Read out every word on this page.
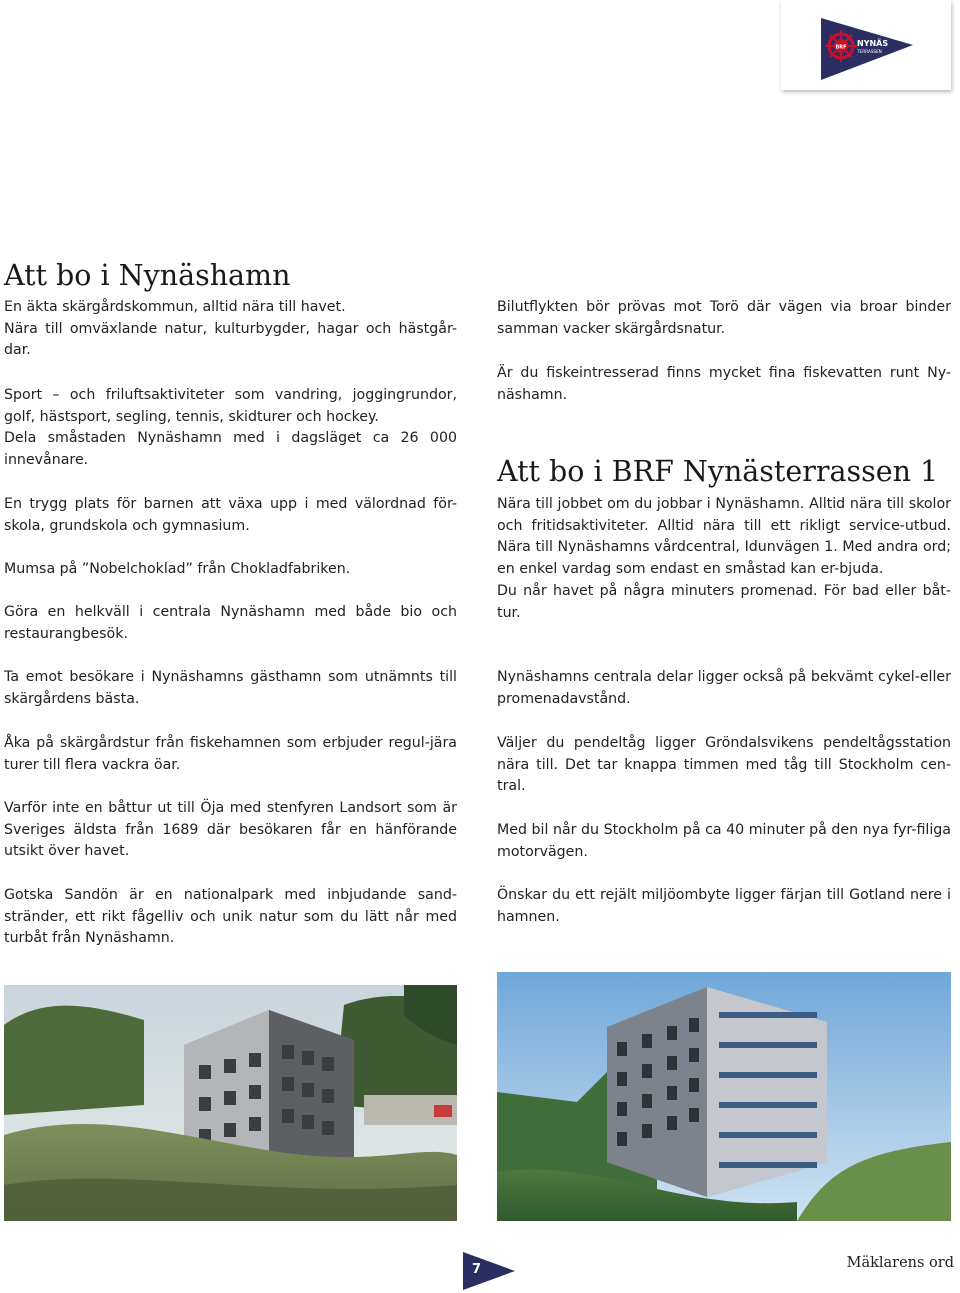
BRF NYNÄS
TERRASSEN
Att bo i Nynäshamn

En äkta skärgårdskommun, alltid nära till havet.
Nära till omväxlande natur, kulturbygder, hagar och hästgår-dar.

Sport – och friluftsaktiviteter som vandring, joggingrundor, golf, hästsport, segling, tennis, skidturer och hockey.
Dela småstaden Nynäshamn med i dagsläget ca 26 000 innevånare.

En trygg plats för barnen att växa upp i med välordnad för-skola, grundskola och gymnasium.

Mumsa på ”Nobelchoklad” från Chokladfabriken.

Göra en helkväll i centrala Nynäshamn med både bio och restaurangbesök.

Ta emot besökare i Nynäshamns gästhamn som utnämnts till skärgårdens bästa.

Åka på skärgårdstur från fiskehamnen som erbjuder regul-jära turer till flera vackra öar.

Varför inte en båttur ut till Öja med stenfyren Landsort som är Sveriges äldsta från 1689 där besökaren får en hänförande utsikt över havet.

Gotska Sandön är en nationalpark med inbjudande sand-stränder, ett rikt fågelliv och unik natur som du lätt når med turbåt från Nynäshamn.

Bilutflykten bör prövas mot Torö där vägen via broar binder samman vacker skärgårdsnatur.

Är du fiskeintresserad finns mycket fina fiskevatten runt Ny-näshamn.

Att bo i BRF Nynästerrassen 1

Nära till jobbet om du jobbar i Nynäshamn. Alltid nära till skolor och fritidsaktiviteter. Alltid nära till ett rikligt service-utbud. Nära till Nynäshamns vårdcentral, Idunvägen 1. Med andra ord; en enkel vardag som endast en småstad kan er-bjuda.
Du når havet på några minuters promenad. För bad eller båt-tur.

Nynäshamns centrala delar ligger också på bekvämt cykel-eller promenadavstånd.

Väljer du pendeltåg ligger Gröndalsvikens pendeltågsstation nära till. Det tar knappa timmen med tåg till Stockholm cen-tral.

Med bil når du Stockholm på ca 40 minuter på den nya fyr-filiga motorvägen.

Önskar du ett rejält miljöombyte ligger färjan till Gotland nere i hamnen.

7	Mäklarens ord
